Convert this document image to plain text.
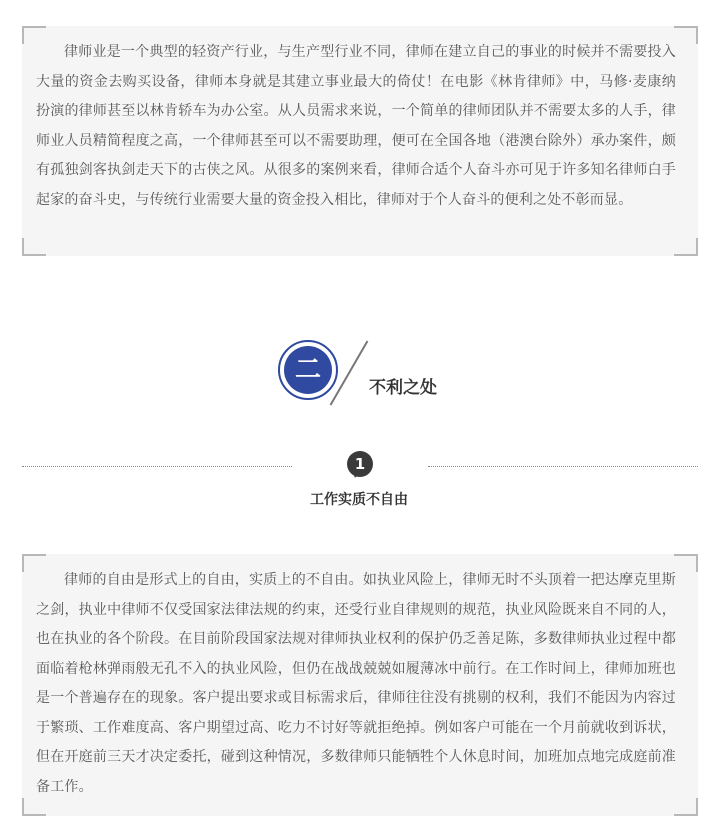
律师业是一个典型的轻资产行业，与生产型行业不同，律师在建立自己的事业的时候并不需要投入大量的资金去购买设备，律师本身就是其建立事业最大的倚仗！在电影《林肯律师》中，马修·麦康纳扮演的律师甚至以林肯轿车为办公室。从人员需求来说，一个简单的律师团队并不需要太多的人手，律师业人员精简程度之高，一个律师甚至可以不需要助理，便可在全国各地（港澳台除外）承办案件，颇有孤独剑客执剑走天下的古侠之风。从很多的案例来看，律师合适个人奋斗亦可见于许多知名律师白手起家的奋斗史，与传统行业需要大量的资金投入相比，律师对于个人奋斗的便利之处不彰而显。

二
不利之处
1
工作实质不自由

律师的自由是形式上的自由，实质上的不自由。如执业风险上，律师无时不头顶着一把达摩克里斯之剑，执业中律师不仅受国家法律法规的约束，还受行业自律规则的规范，执业风险既来自不同的人，也在执业的各个阶段。在目前阶段国家法规对律师执业权利的保护仍乏善足陈，多数律师执业过程中都面临着枪林弹雨般无孔不入的执业风险，但仍在战战兢兢如履薄冰中前行。在工作时间上，律师加班也是一个普遍存在的现象。客户提出要求或目标需求后，律师往往没有挑剔的权利，我们不能因为内容过于繁琐、工作难度高、客户期望过高、吃力不讨好等就拒绝掉。例如客户可能在一个月前就收到诉状，但在开庭前三天才决定委托，碰到这种情况，多数律师只能牺牲个人休息时间，加班加点地完成庭前准备工作。
